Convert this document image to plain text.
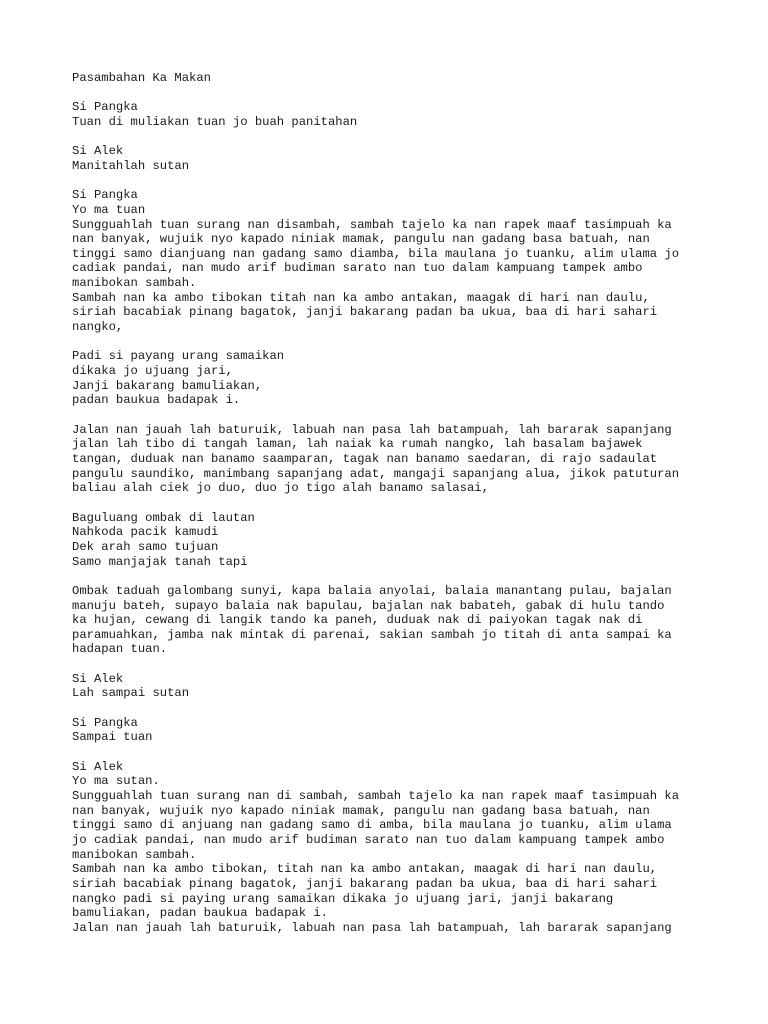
Pasambahan Ka Makan
Si Pangka
Tuan di muliakan tuan jo buah panitahan
Si Alek
Manitahlah sutan
Si Pangka
Yo ma tuan
Sungguahlah tuan surang nan disambah, sambah tajelo ka nan rapek maaf tasimpuah ka
nan banyak, wujuik nyo kapado niniak mamak, pangulu nan gadang basa batuah, nan
tinggi samo dianjuang nan gadang samo diamba, bila maulana jo tuanku, alim ulama jo
cadiak pandai, nan mudo arif budiman sarato nan tuo dalam kampuang tampek ambo
manibokan sambah.
Sambah nan ka ambo tibokan titah nan ka ambo antakan, maagak di hari nan daulu,
siriah bacabiak pinang bagatok, janji bakarang padan ba ukua, baa di hari sahari
nangko,
Padi si payang urang samaikan
dikaka jo ujuang jari,
Janji bakarang bamuliakan,
padan baukua badapak i.
Jalan nan jauah lah baturuik, labuah nan pasa lah batampuah, lah bararak sapanjang
jalan lah tibo di tangah laman, lah naiak ka rumah nangko, lah basalam bajawek
tangan, duduak nan banamo saamparan, tagak nan banamo saedaran, di rajo sadaulat
pangulu saundiko, manimbang sapanjang adat, mangaji sapanjang alua, jikok patuturan
baliau alah ciek jo duo, duo jo tigo alah banamo salasai,
Baguluang ombak di lautan
Nahkoda pacik kamudi
Dek arah samo tujuan
Samo manjajak tanah tapi
Ombak taduah galombang sunyi, kapa balaia anyolai, balaia manantang pulau, bajalan
manuju bateh, supayo balaia nak bapulau, bajalan nak babateh, gabak di hulu tando
ka hujan, cewang di langik tando ka paneh, duduak nak di paiyokan tagak nak di
paramuahkan, jamba nak mintak di parenai, sakian sambah jo titah di anta sampai ka
hadapan tuan.
Si Alek
Lah sampai sutan
Si Pangka
Sampai tuan
Si Alek
Yo ma sutan.
Sungguahlah tuan surang nan di sambah, sambah tajelo ka nan rapek maaf tasimpuah ka
nan banyak, wujuik nyo kapado niniak mamak, pangulu nan gadang basa batuah, nan
tinggi samo di anjuang nan gadang samo di amba, bila maulana jo tuanku, alim ulama
jo cadiak pandai, nan mudo arif budiman sarato nan tuo dalam kampuang tampek ambo
manibokan sambah.
Sambah nan ka ambo tibokan, titah nan ka ambo antakan, maagak di hari nan daulu,
siriah bacabiak pinang bagatok, janji bakarang padan ba ukua, baa di hari sahari
nangko padi si paying urang samaikan dikaka jo ujuang jari, janji bakarang
bamuliakan, padan baukua badapak i.
Jalan nan jauah lah baturuik, labuah nan pasa lah batampuah, lah bararak sapanjang
